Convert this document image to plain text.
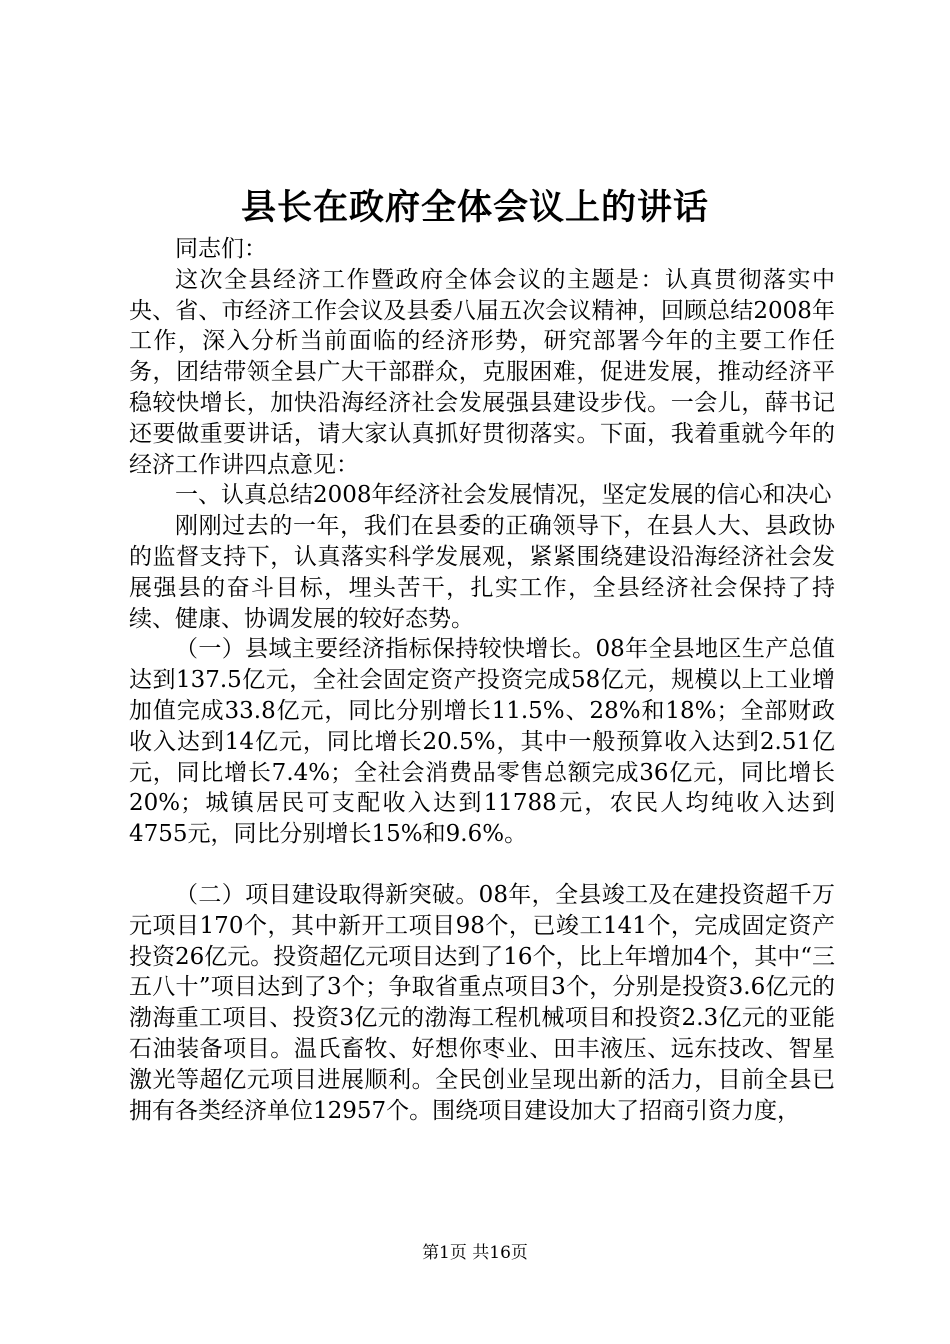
县长在政府全体会议上的讲话

同志们：

这次全县经济工作暨政府全体会议的主题是：认真贯彻落实中央、省、市经济工作会议及县委八届五次会议精神，回顾总结2008年工作，深入分析当前面临的经济形势，研究部署今年的主要工作任务，团结带领全县广大干部群众，克服困难，促进发展，推动经济平稳较快增长，加快沿海经济社会发展强县建设步伐。一会儿，薛书记还要做重要讲话，请大家认真抓好贯彻落实。下面，我着重就今年的经济工作讲四点意见：

一、认真总结2008年经济社会发展情况，坚定发展的信心和决心

刚刚过去的一年，我们在县委的正确领导下，在县人大、县政协的监督支持下，认真落实科学发展观，紧紧围绕建设沿海经济社会发展强县的奋斗目标，埋头苦干，扎实工作，全县经济社会保持了持续、健康、协调发展的较好态势。

（一）县域主要经济指标保持较快增长。08年全县地区生产总值达到137.5亿元，全社会固定资产投资完成58亿元，规模以上工业增加值完成33.8亿元，同比分别增长11.5%、28%和18%；全部财政收入达到14亿元，同比增长20.5%，其中一般预算收入达到2.51亿元，同比增长7.4%；全社会消费品零售总额完成36亿元，同比增长20%；城镇居民可支配收入达到11788元，农民人均纯收入达到4755元，同比分别增长15%和9.6%。

（二）项目建设取得新突破。08年，全县竣工及在建投资超千万元项目170个，其中新开工项目98个，已竣工141个，完成固定资产投资26亿元。投资超亿元项目达到了16个，比上年增加4个，其中“三五八十”项目达到了3个；争取省重点项目3个，分别是投资3.6亿元的渤海重工项目、投资3亿元的渤海工程机械项目和投资2.3亿元的亚能石油装备项目。温氏畜牧、好想你枣业、田丰液压、远东技改、智星激光等超亿元项目进展顺利。全民创业呈现出新的活力，目前全县已拥有各类经济单位12957个。围绕项目建设加大了招商引资力度，

第1页 共16页
